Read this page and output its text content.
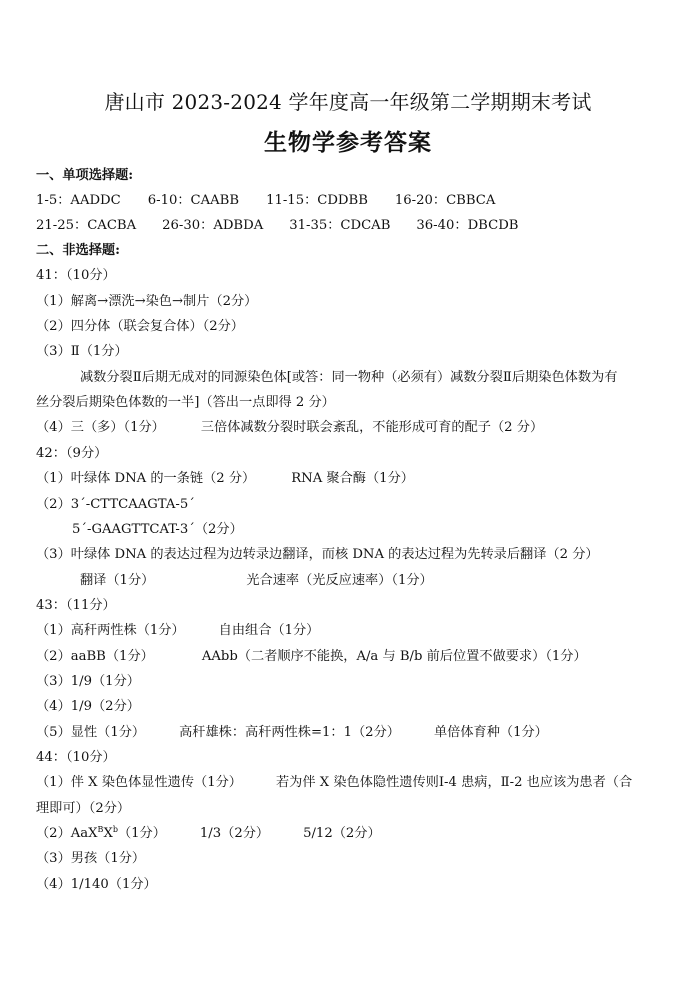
唐山市 2023-2024 学年度高一年级第二学期期末考试
生物学参考答案
一、单项选择题:
1-5：AADDC 6-10：CAABB 11-15：CDDBB 16-20：CBBCA
21-25：CACBA 26-30：ADBDA 31-35：CDCAB 36-40：DBCDB
二、非选择题:
41：（10分）
（1）解离→漂洗→染色→制片（2分）
（2）四分体（联会复合体）（2分）
（3）Ⅱ（1分）
减数分裂Ⅱ后期无成对的同源染色体[或答：同一物种（必须有）减数分裂Ⅱ后期染色体数为有
丝分裂后期染色体数的一半]（答出一点即得 2 分）
（4）三（多）（1分）	三倍体减数分裂时联会紊乱，不能形成可育的配子（2 分）
42：（9分）
（1）叶绿体 DNA 的一条链（2 分）	RNA 聚合酶（1分）
（2）3´-CTTCAAGTA-5´
5´-GAAGTTCAT-3´（2分）
（3）叶绿体 DNA 的表达过程为边转录边翻译，而核 DNA 的表达过程为先转录后翻译（2 分）
翻译（1分）	光合速率（光反应速率）（1分）
43：（11分）
（1）高秆两性株（1分）	自由组合（1分）
（2）aaBB（1分）	AAbb（二者顺序不能换，A/a 与 B/b 前后位置不做要求）（1分）
（3）1/9（1分）
（4）1/9（2分）
（5）显性（1分）	高秆雄株：高秆两性株=1：1（2分）	单倍体育种（1分）
44：（10分）
（1）伴 X 染色体显性遗传（1分）	若为伴 X 染色体隐性遗传则Ⅰ-4 患病，Ⅱ-2 也应该为患者（合
理即可）（2分）
$(2)AaX^BX^b(1$分）	1/3（2分）	5/12（2分）
（3）男孩（1分）
（4）1/140（1分）
